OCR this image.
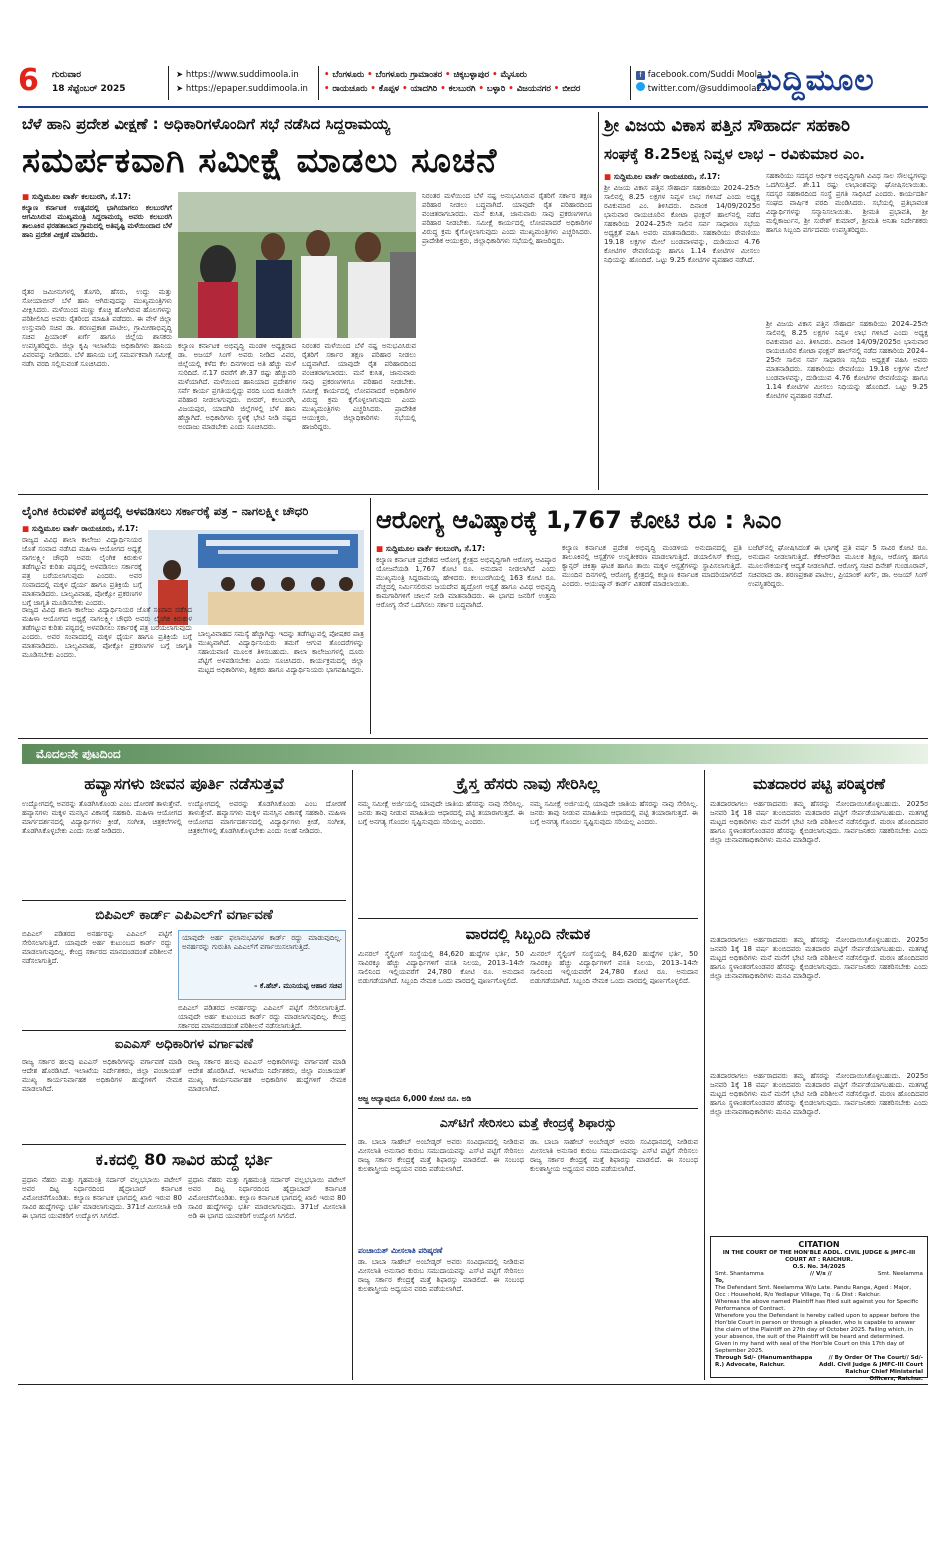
6 ಗುರುವಾರ
18 ಸೆಪ್ಟೆಂಬರ್ 2025
➤ https://www.suddimoola.in
➤ https://epaper.suddimoola.in
• ಬೆಂಗಳೂರು • ಬೆಂಗಳೂರು ಗ್ರಾಮಾಂತರ • ಚಿಕ್ಕಬಳ್ಳಾಪುರ • ಮೈಸೂರು
• ರಾಯಚೂರು • ಕೊಪ್ಪಳ • ಯಾದಗಿರಿ • ಕಲಬುರಗಿ • ಬಳ್ಳಾರಿ • ವಿಜಯನಗರ • ಬೀದರ
f facebook.com/Suddi Moola
twitter.com/@suddimoola22
ಸುದ್ದಿಮೂಲ
ಬೆಳೆ ಹಾನಿ ಪ್ರದೇಶ ವೀಕ್ಷಣೆ : ಅಧಿಕಾರಿಗಳೊಂದಿಗೆ ಸಭೆ ನಡೆಸಿದ ಸಿದ್ದರಾಮಯ್ಯ
ಸಮರ್ಪಕವಾಗಿ ಸಮೀಕ್ಷೆ ಮಾಡಲು ಸೂಚನೆ
■ ಸುದ್ದಿಮೂಲ ವಾರ್ತೆ ಕಲಬುರಗಿ, ಸೆ.17:
ಕಲ್ಯಾಣ ಕರ್ನಾಟಕ ಉತ್ಸವದಲ್ಲಿ ಭಾಗಿಯಾಗಲು ಕಲಬುರಗಿಗೆ ಆಗಮಿಸಿರುವ ಮುಖ್ಯಮಂತ್ರಿ ಸಿದ್ದರಾಮಯ್ಯ ಅವರು ಕಲಬುರಗಿ ತಾಲೂಕಿನ ಫರಹತಾಬಾದ ಗ್ರಾಮದಲ್ಲಿ ಅತಿವೃಷ್ಟಿ ಮಳೆಯಿಂದಾದ ಬೆಳೆ ಹಾನಿ ಪ್ರದೇಶ ವೀಕ್ಷಣೆ ಮಾಡಿದರು.
ರೈತರ ಜಮೀನುಗಳಲ್ಲಿ ತೊಗರಿ, ಹೆಸರು, ಉದ್ದು ಮತ್ತು ಸೋಯಾಬೀನ್ ಬೆಳೆ ಹಾನಿ ಆಗಿರುವುದನ್ನು ಮುಖ್ಯಮಂತ್ರಿಗಳು ವೀಕ್ಷಿಸಿದರು. ಮಳೆಯಿಂದ ಮಣ್ಣು ಕೊಚ್ಚಿ ಹೋಗಿರುವ ಹೊಲಗಳನ್ನು ಪರಿಶೀಲಿಸಿದ ಅವರು ರೈತರಿಂದ ಮಾಹಿತಿ ಪಡೆದರು. ಈ ವೇಳೆ ಜಿಲ್ಲಾ ಉಸ್ತುವಾರಿ ಸಚಿವ ಡಾ. ಶರಣಪ್ರಕಾಶ ಪಾಟೀಲ, ಗ್ರಾಮೀಣಾಭಿವೃದ್ಧಿ ಸಚಿವ ಪ್ರಿಯಾಂಕ್ ಖರ್ಗೆ ಹಾಗೂ ಜಿಲ್ಲೆಯ ಶಾಸಕರು ಉಪಸ್ಥಿತರಿದ್ದರು. ಜಿಲ್ಲಾ ಕೃಷಿ ಇಲಾಖೆಯ ಅಧಿಕಾರಿಗಳು ಹಾನಿಯ ವಿವರವನ್ನು ನೀಡಿದರು. ಬೆಳೆ ಹಾನಿಯ ಬಗ್ಗೆ ಸಮರ್ಪಕವಾಗಿ ಸಮೀಕ್ಷೆ ನಡೆಸಿ ವರದಿ ಸಲ್ಲಿಸುವಂತೆ ಸೂಚಿಸಿದರು.
ಕಲ್ಯಾಣ ಕರ್ನಾಟಕ ಅಭಿವೃದ್ಧಿ ಮಂಡಳಿ ಅಧ್ಯಕ್ಷರಾದ ಡಾ. ಅಜಯ್ ಸಿಂಗ್ ಅವರು ನೀಡಿದ ವಿವರ, ಜಿಲ್ಲೆಯಲ್ಲಿ ಕಳೆದ ಕೆಲ ದಿನಗಳಿಂದ ಅತಿ ಹೆಚ್ಚು ಮಳೆ ಸುರಿದಿದೆ. ಸೆ.17 ರವರೆಗೆ ಶೇ.37 ರಷ್ಟು ಹೆಚ್ಚುವರಿ ಮಳೆಯಾಗಿದೆ. ಮಳೆಯಿಂದ ಹಾನಿಯಾದ ಪ್ರದೇಶಗಳ ಸರ್ವೆ ಕಾರ್ಯ ಪ್ರಗತಿಯಲ್ಲಿದ್ದು ವರದಿ ಬಂದ ಕೂಡಲೇ ಪರಿಹಾರ ನೀಡಲಾಗುವುದು. ಬೀದರ್, ಕಲಬುರಗಿ, ವಿಜಯಪುರ, ಯಾದಗಿರಿ ಜಿಲ್ಲೆಗಳಲ್ಲಿ ಬೆಳೆ ಹಾನಿ ಹೆಚ್ಚಾಗಿದೆ. ಅಧಿಕಾರಿಗಳು ಸ್ಥಳಕ್ಕೆ ಭೇಟಿ ನೀಡಿ ನಷ್ಟದ ಅಂದಾಜು ಮಾಡಬೇಕು ಎಂದು ಸೂಚಿಸಿದರು.
ನಿರಂತರ ಮಳೆಯಿಂದ ಬೆಳೆ ನಷ್ಟ ಅನುಭವಿಸಿರುವ ರೈತರಿಗೆ ಸರ್ಕಾರ ತಕ್ಷಣ ಪರಿಹಾರ ನೀಡಲು ಬದ್ಧವಾಗಿದೆ. ಯಾವುದೇ ರೈತ ಪರಿಹಾರದಿಂದ ವಂಚಿತರಾಗಬಾರದು. ಮನೆ ಕುಸಿತ, ಜಾನುವಾರು ಸಾವು ಪ್ರಕರಣಗಳಿಗೂ ಪರಿಹಾರ ನೀಡಬೇಕು. ಸಮೀಕ್ಷೆ ಕಾರ್ಯದಲ್ಲಿ ಲೋಪವಾದರೆ ಅಧಿಕಾರಿಗಳ ವಿರುದ್ಧ ಕ್ರಮ ಕೈಗೊಳ್ಳಲಾಗುವುದು ಎಂದು ಮುಖ್ಯಮಂತ್ರಿಗಳು ಎಚ್ಚರಿಸಿದರು. ಪ್ರಾದೇಶಿಕ ಆಯುಕ್ತರು, ಜಿಲ್ಲಾಧಿಕಾರಿಗಳು ಸಭೆಯಲ್ಲಿ ಹಾಜರಿದ್ದರು.
ನಿರಂತರ ಮಳೆಯಿಂದ ಬೆಳೆ ನಷ್ಟ ಅನುಭವಿಸಿರುವ ರೈತರಿಗೆ ಸರ್ಕಾರ ತಕ್ಷಣ ಪರಿಹಾರ ನೀಡಲು ಬದ್ಧವಾಗಿದೆ. ಯಾವುದೇ ರೈತ ಪರಿಹಾರದಿಂದ ವಂಚಿತರಾಗಬಾರದು. ಮನೆ ಕುಸಿತ, ಜಾನುವಾರು ಸಾವು ಪ್ರಕರಣಗಳಿಗೂ ಪರಿಹಾರ ನೀಡಬೇಕು. ಸಮೀಕ್ಷೆ ಕಾರ್ಯದಲ್ಲಿ ಲೋಪವಾದರೆ ಅಧಿಕಾರಿಗಳ ವಿರುದ್ಧ ಕ್ರಮ ಕೈಗೊಳ್ಳಲಾಗುವುದು ಎಂದು ಮುಖ್ಯಮಂತ್ರಿಗಳು ಎಚ್ಚರಿಸಿದರು. ಪ್ರಾದೇಶಿಕ ಆಯುಕ್ತರು, ಜಿಲ್ಲಾಧಿಕಾರಿಗಳು ಸಭೆಯಲ್ಲಿ ಹಾಜರಿದ್ದರು.
ಶ್ರೀ ವಿಜಯ ವಿಕಾಸ ಪತ್ತಿನ ಸೌಹಾರ್ದ ಸಹಕಾರಿ
ಸಂಘಕ್ಕೆ 8.25ಲಕ್ಷ ನಿವ್ವಳ ಲಾಭ – ರವಿಕುಮಾರ ಎಂ.
■ ಸುದ್ದಿಮೂಲ ವಾರ್ತೆ ರಾಯಚೂರು, ಸೆ.17:
ಶ್ರೀ ವಿಜಯ ವಿಕಾಸ ಪತ್ತಿನ ಸೌಹಾರ್ದ ಸಹಕಾರಿಯು 2024–25ನೇ ಸಾಲಿನಲ್ಲಿ 8.25 ಲಕ್ಷಗಳ ನಿವ್ವಳ ಲಾಭ ಗಳಿಸಿದೆ ಎಂದು ಅಧ್ಯಕ್ಷ ರವಿಕುಮಾರ ಎಂ. ತಿಳಿಸಿದರು. ದಿನಾಂಕ 14/09/2025ರ ಭಾನುವಾರ ರಾಯಚೂರಿನ ಕೋಟಾ ಫಂಕ್ಷನ್ ಹಾಲ್‌ನಲ್ಲಿ ನಡೆದ ಸಹಕಾರಿಯ 2024–25ನೇ ಸಾಲಿನ ಸರ್ವ ಸಾಧಾರಣ ಸಭೆಯ ಅಧ್ಯಕ್ಷತೆ ವಹಿಸಿ ಅವರು ಮಾತನಾಡಿದರು. ಸಹಕಾರಿಯು ಠೇವಣಿಯು 19.18 ಲಕ್ಷಗಳ ಮೇಲೆ ಬಂಡವಾಳವನ್ನು, ದುಡಿಯುವ 4.76 ಕೋಟಿಗಳ ಠೇವಣಿಯನ್ನು ಹಾಗೂ 1.14 ಕೋಟಿಗಳ ಮೀಸಲು ನಿಧಿಯನ್ನು ಹೊಂದಿದೆ. ಒಟ್ಟು 9.25 ಕೋಟಿಗಳ ವ್ಯವಹಾರ ನಡೆಸಿದೆ.
ಸಹಕಾರಿಯು ಸದಸ್ಯರ ಆರ್ಥಿಕ ಅಭಿವೃದ್ಧಿಗಾಗಿ ವಿವಿಧ ಸಾಲ ಸೌಲಭ್ಯಗಳನ್ನು ಒದಗಿಸುತ್ತಿದೆ. ಶೇ.11 ರಷ್ಟು ಲಾಭಾಂಶವನ್ನು ಘೋಷಿಸಲಾಯಿತು. ಸದಸ್ಯರ ಸಹಕಾರದಿಂದ ಸಂಸ್ಥೆ ಪ್ರಗತಿ ಸಾಧಿಸಿದೆ ಎಂದರು. ಕಾರ್ಯದರ್ಶಿ ಸಂಘದ ವಾರ್ಷಿಕ ವರದಿ ಮಂಡಿಸಿದರು. ಸಭೆಯಲ್ಲಿ ಪ್ರತಿಭಾವಂತ ವಿದ್ಯಾರ್ಥಿಗಳನ್ನು ಸನ್ಮಾನಿಸಲಾಯಿತು. ಶ್ರೀಮತಿ ಪ್ರಭಾವತಿ, ಶ್ರೀ ಮಲ್ಲಿಕಾರ್ಜುನ, ಶ್ರೀ ಸುರೇಶ್ ಕುಮಾರ್, ಶ್ರೀಮತಿ ಅನಿತಾ ನಿರ್ದೇಶಕರು ಹಾಗೂ ಸಿಬ್ಬಂದಿ ವರ್ಗದವರು ಉಪಸ್ಥಿತರಿದ್ದರು.
ಶ್ರೀ ವಿಜಯ ವಿಕಾಸ ಪತ್ತಿನ ಸೌಹಾರ್ದ ಸಹಕಾರಿಯು 2024–25ನೇ ಸಾಲಿನಲ್ಲಿ 8.25 ಲಕ್ಷಗಳ ನಿವ್ವಳ ಲಾಭ ಗಳಿಸಿದೆ ಎಂದು ಅಧ್ಯಕ್ಷ ರವಿಕುಮಾರ ಎಂ. ತಿಳಿಸಿದರು. ದಿನಾಂಕ 14/09/2025ರ ಭಾನುವಾರ ರಾಯಚೂರಿನ ಕೋಟಾ ಫಂಕ್ಷನ್ ಹಾಲ್‌ನಲ್ಲಿ ನಡೆದ ಸಹಕಾರಿಯ 2024–25ನೇ ಸಾಲಿನ ಸರ್ವ ಸಾಧಾರಣ ಸಭೆಯ ಅಧ್ಯಕ್ಷತೆ ವಹಿಸಿ ಅವರು ಮಾತನಾಡಿದರು. ಸಹಕಾರಿಯು ಠೇವಣಿಯು 19.18 ಲಕ್ಷಗಳ ಮೇಲೆ ಬಂಡವಾಳವನ್ನು, ದುಡಿಯುವ 4.76 ಕೋಟಿಗಳ ಠೇವಣಿಯನ್ನು ಹಾಗೂ 1.14 ಕೋಟಿಗಳ ಮೀಸಲು ನಿಧಿಯನ್ನು ಹೊಂದಿದೆ. ಒಟ್ಟು 9.25 ಕೋಟಿಗಳ ವ್ಯವಹಾರ ನಡೆಸಿದೆ.
ಲೈಂಗಿಕ ಕಿರುವಳಿಕೆ ಪಠ್ಯದಲ್ಲಿ ಅಳವಡಿಸಲು ಸರ್ಕಾರಕ್ಕೆ ಪತ್ರ – ನಾಗಲಕ್ಷ್ಮೀ ಚೌಧರಿ
■ ಸುದ್ದಿಮೂಲ ವಾರ್ತೆ ರಾಯಚೂರು, ಸೆ.17:
ರಾಜ್ಯದ ವಿವಿಧ ಶಾಲಾ ಕಾಲೇಜು ವಿದ್ಯಾರ್ಥಿನಿಯರ ಜೊತೆ ಸಂವಾದ ನಡೆಸಿದ ಮಹಿಳಾ ಆಯೋಗದ ಅಧ್ಯಕ್ಷೆ ನಾಗಲಕ್ಷ್ಮೀ ಚೌಧರಿ ಅವರು ಲೈಂಗಿಕ ಕಿರುಕುಳ ತಡೆಗಟ್ಟುವ ಕುರಿತು ಪಠ್ಯದಲ್ಲಿ ಅಳವಡಿಸಲು ಸರ್ಕಾರಕ್ಕೆ ಪತ್ರ ಬರೆಯಲಾಗುವುದು ಎಂದರು. ಅವರ ಸಂವಾದದಲ್ಲಿ ಮಕ್ಕಳ ಧೈರ್ಯ ಹಾಗೂ ಪ್ರತಿಕ್ರಿಯೆ ಬಗ್ಗೆ ಮಾತನಾಡಿದರು. ಬಾಲ್ಯವಿವಾಹ, ಪೋಕ್ಸೋ ಪ್ರಕರಣಗಳ ಬಗ್ಗೆ ಜಾಗೃತಿ ಮೂಡಿಸಬೇಕು ಎಂದರು.
ರಾಜ್ಯದ ವಿವಿಧ ಶಾಲಾ ಕಾಲೇಜು ವಿದ್ಯಾರ್ಥಿನಿಯರ ಜೊತೆ ಸಂವಾದ ನಡೆಸಿದ ಮಹಿಳಾ ಆಯೋಗದ ಅಧ್ಯಕ್ಷೆ ನಾಗಲಕ್ಷ್ಮೀ ಚೌಧರಿ ಅವರು ಲೈಂಗಿಕ ಕಿರುಕುಳ ತಡೆಗಟ್ಟುವ ಕುರಿತು ಪಠ್ಯದಲ್ಲಿ ಅಳವಡಿಸಲು ಸರ್ಕಾರಕ್ಕೆ ಪತ್ರ ಬರೆಯಲಾಗುವುದು ಎಂದರು. ಅವರ ಸಂವಾದದಲ್ಲಿ ಮಕ್ಕಳ ಧೈರ್ಯ ಹಾಗೂ ಪ್ರತಿಕ್ರಿಯೆ ಬಗ್ಗೆ ಮಾತನಾಡಿದರು. ಬಾಲ್ಯವಿವಾಹ, ಪೋಕ್ಸೋ ಪ್ರಕರಣಗಳ ಬಗ್ಗೆ ಜಾಗೃತಿ ಮೂಡಿಸಬೇಕು ಎಂದರು.
ಬಾಲ್ಯವಿವಾಹದ ಸಮಸ್ಯೆ ಹೆಚ್ಚಾಗಿದ್ದು ಇದನ್ನು ತಡೆಗಟ್ಟುವಲ್ಲಿ ಪೋಷಕರ ಪಾತ್ರ ಮುಖ್ಯವಾಗಿದೆ. ವಿದ್ಯಾರ್ಥಿನಿಯರು ತಮಗೆ ಆಗುವ ತೊಂದರೆಗಳನ್ನು ಸಹಾಯವಾಣಿ ಮೂಲಕ ತಿಳಿಸಬಹುದು. ಶಾಲಾ ಕಾಲೇಜುಗಳಲ್ಲಿ ದೂರು ಪೆಟ್ಟಿಗೆ ಅಳವಡಿಸಬೇಕು ಎಂದು ಸೂಚಿಸಿದರು. ಕಾರ್ಯಕ್ರಮದಲ್ಲಿ ಜಿಲ್ಲಾ ಮಟ್ಟದ ಅಧಿಕಾರಿಗಳು, ಶಿಕ್ಷಕರು ಹಾಗೂ ವಿದ್ಯಾರ್ಥಿನಿಯರು ಭಾಗವಹಿಸಿದ್ದರು.
ಆರೋಗ್ಯ ಆವಿಷ್ಕಾರಕ್ಕೆ 1,767 ಕೋಟಿ ರೂ : ಸಿಎಂ
■ ಸುದ್ದಿಮೂಲ ವಾರ್ತೆ ಕಲಬುರಗಿ, ಸೆ.17:
ಕಲ್ಯಾಣ ಕರ್ನಾಟಕ ಪ್ರದೇಶದ ಆರೋಗ್ಯ ಕ್ಷೇತ್ರದ ಅಭಿವೃದ್ಧಿಗಾಗಿ ಆರೋಗ್ಯ ಆವಿಷ್ಕಾರ ಯೋಜನೆಯಡಿ 1,767 ಕೋಟಿ ರೂ. ಅನುದಾನ ನೀಡಲಾಗಿದೆ ಎಂದು ಮುಖ್ಯಮಂತ್ರಿ ಸಿದ್ದರಾಮಯ್ಯ ಹೇಳಿದರು. ಕಲಬುರಗಿಯಲ್ಲಿ 163 ಕೋಟಿ ರೂ. ವೆಚ್ಚದಲ್ಲಿ ನಿರ್ಮಿಸಲಿರುವ ಜಯದೇವ ಹೃದ್ರೋಗ ಆಸ್ಪತ್ರೆ ಹಾಗೂ ವಿವಿಧ ಅಭಿವೃದ್ಧಿ ಕಾಮಗಾರಿಗಳಿಗೆ ಚಾಲನೆ ನೀಡಿ ಮಾತನಾಡಿದರು. ಈ ಭಾಗದ ಜನರಿಗೆ ಉತ್ತಮ ಆರೋಗ್ಯ ಸೇವೆ ಒದಗಿಸಲು ಸರ್ಕಾರ ಬದ್ಧವಾಗಿದೆ.
ಕಲ್ಯಾಣ ಕರ್ನಾಟಕ ಪ್ರದೇಶ ಅಭಿವೃದ್ಧಿ ಮಂಡಳಿಯ ಅನುದಾನದಲ್ಲಿ ಪ್ರತಿ ತಾಲೂಕಿನಲ್ಲಿ ಆಸ್ಪತ್ರೆಗಳ ಉನ್ನತೀಕರಣ ಮಾಡಲಾಗುತ್ತಿದೆ. ಡಯಾಲಿಸಿಸ್ ಕೇಂದ್ರ, ಕ್ಯಾನ್ಸರ್ ಚಿಕಿತ್ಸಾ ಘಟಕ ಹಾಗೂ ತಾಯಿ ಮಕ್ಕಳ ಆಸ್ಪತ್ರೆಗಳನ್ನು ಸ್ಥಾಪಿಸಲಾಗುತ್ತಿದೆ. ಮುಂದಿನ ದಿನಗಳಲ್ಲಿ ಆರೋಗ್ಯ ಕ್ಷೇತ್ರದಲ್ಲಿ ಕಲ್ಯಾಣ ಕರ್ನಾಟಕ ಮಾದರಿಯಾಗಲಿದೆ ಎಂದರು. ಆಯುಷ್ಮಾನ್ ಕಾರ್ಡ್ ವಿತರಣೆ ಮಾಡಲಾಯಿತು.
ಬಜೆಟ್‌ನಲ್ಲಿ ಘೋಷಿಸಿದಂತೆ ಈ ಭಾಗಕ್ಕೆ ಪ್ರತಿ ವರ್ಷ 5 ಸಾವಿರ ಕೋಟಿ ರೂ. ಅನುದಾನ ನೀಡಲಾಗುತ್ತಿದೆ. ಕೆಕೆಆರ್‌ಡಿಬಿ ಮೂಲಕ ಶಿಕ್ಷಣ, ಆರೋಗ್ಯ ಹಾಗೂ ಮೂಲಸೌಕರ್ಯಕ್ಕೆ ಆದ್ಯತೆ ನೀಡಲಾಗಿದೆ. ಆರೋಗ್ಯ ಸಚಿವ ದಿನೇಶ್ ಗುಂಡೂರಾವ್, ಸಚಿವರಾದ ಡಾ. ಶರಣಪ್ರಕಾಶ ಪಾಟೀಲ, ಪ್ರಿಯಾಂಕ್ ಖರ್ಗೆ, ಡಾ. ಅಜಯ್ ಸಿಂಗ್ ಉಪಸ್ಥಿತರಿದ್ದರು.
ಮೊದಲನೇ ಪುಟದಿಂದ
ಹವ್ಯಾಸಗಳು ಜೀವನ ಪೂರ್ತಿ ನಡೆಸುತ್ತವೆ
ಉದ್ಯೋಗದಲ್ಲಿ ಅವರನ್ನು ತೊಡಗಿಸಿಕೊಂಡು ಎಂಬ ದೋರಣೆ ತಾಳುತ್ತೇವೆ. ಹವ್ಯಾಸಗಳು ಮಕ್ಕಳ ಮನಸ್ಸಿನ ವಿಕಾಸಕ್ಕೆ ಸಹಕಾರಿ. ಮಹಿಳಾ ಆಯೋಗದ ಮಾರ್ಗದರ್ಶನದಲ್ಲಿ ವಿದ್ಯಾರ್ಥಿಗಳು ಕ್ರೀಡೆ, ಸಂಗೀತ, ಚಿತ್ರಕಲೆಗಳಲ್ಲಿ ತೊಡಗಿಸಿಕೊಳ್ಳಬೇಕು ಎಂದು ಸಲಹೆ ನೀಡಿದರು.
ಉದ್ಯೋಗದಲ್ಲಿ ಅವರನ್ನು ತೊಡಗಿಸಿಕೊಂಡು ಎಂಬ ದೋರಣೆ ತಾಳುತ್ತೇವೆ. ಹವ್ಯಾಸಗಳು ಮಕ್ಕಳ ಮನಸ್ಸಿನ ವಿಕಾಸಕ್ಕೆ ಸಹಕಾರಿ. ಮಹಿಳಾ ಆಯೋಗದ ಮಾರ್ಗದರ್ಶನದಲ್ಲಿ ವಿದ್ಯಾರ್ಥಿಗಳು ಕ್ರೀಡೆ, ಸಂಗೀತ, ಚಿತ್ರಕಲೆಗಳಲ್ಲಿ ತೊಡಗಿಸಿಕೊಳ್ಳಬೇಕು ಎಂದು ಸಲಹೆ ನೀಡಿದರು.
ಬಿಪಿಎಲ್ ಕಾರ್ಡ್ ಎಪಿಎಲ್‌ಗೆ ವರ್ಗಾವಣೆ
ಬಿಪಿಎಲ್ ಪಡಿತರದ ಅನರ್ಹರನ್ನು ಎಪಿಎಲ್ ಪಟ್ಟಿಗೆ ಸೇರಿಸಲಾಗುತ್ತಿದೆ. ಯಾವುದೇ ಅರ್ಹ ಕುಟುಂಬದ ಕಾರ್ಡ್ ರದ್ದು ಮಾಡಲಾಗುವುದಿಲ್ಲ. ಕೇಂದ್ರ ಸರ್ಕಾರದ ಮಾನದಂಡದಂತೆ ಪರಿಶೀಲನೆ ನಡೆಸಲಾಗುತ್ತಿದೆ.
ಯಾವುದೇ ಅರ್ಹ ಫಲಾನುಭವಿಗಳ ಕಾರ್ಡ್ ರದ್ದು ಮಾಡುವುದಿಲ್ಲ. ಅನರ್ಹರನ್ನು ಗುರುತಿಸಿ ಎಪಿಎಲ್‌ಗೆ ವರ್ಗಾಯಿಸಲಾಗುತ್ತಿದೆ.
– ಕೆ.ಹೆಚ್. ಮುನಿಯಪ್ಪ ಆಹಾರ ಸಚಿವ
ಬಿಪಿಎಲ್ ಪಡಿತರದ ಅನರ್ಹರನ್ನು ಎಪಿಎಲ್ ಪಟ್ಟಿಗೆ ಸೇರಿಸಲಾಗುತ್ತಿದೆ. ಯಾವುದೇ ಅರ್ಹ ಕುಟುಂಬದ ಕಾರ್ಡ್ ರದ್ದು ಮಾಡಲಾಗುವುದಿಲ್ಲ. ಕೇಂದ್ರ ಸರ್ಕಾರದ ಮಾನದಂಡದಂತೆ ಪರಿಶೀಲನೆ ನಡೆಸಲಾಗುತ್ತಿದೆ.
ಐಎಎಸ್ ಅಧಿಕಾರಿಗಳ ವರ್ಗಾವಣೆ
ರಾಜ್ಯ ಸರ್ಕಾರ ಹಲವು ಐಎಎಸ್ ಅಧಿಕಾರಿಗಳನ್ನು ವರ್ಗಾವಣೆ ಮಾಡಿ ಆದೇಶ ಹೊರಡಿಸಿದೆ. ಇಲಾಖೆಯ ನಿರ್ದೇಶಕರು, ಜಿಲ್ಲಾ ಪಂಚಾಯತ್ ಮುಖ್ಯ ಕಾರ್ಯನಿರ್ವಾಹಕ ಅಧಿಕಾರಿಗಳ ಹುದ್ದೆಗಳಿಗೆ ನೇಮಕ ಮಾಡಲಾಗಿದೆ.
ರಾಜ್ಯ ಸರ್ಕಾರ ಹಲವು ಐಎಎಸ್ ಅಧಿಕಾರಿಗಳನ್ನು ವರ್ಗಾವಣೆ ಮಾಡಿ ಆದೇಶ ಹೊರಡಿಸಿದೆ. ಇಲಾಖೆಯ ನಿರ್ದೇಶಕರು, ಜಿಲ್ಲಾ ಪಂಚಾಯತ್ ಮುಖ್ಯ ಕಾರ್ಯನಿರ್ವಾಹಕ ಅಧಿಕಾರಿಗಳ ಹುದ್ದೆಗಳಿಗೆ ನೇಮಕ ಮಾಡಲಾಗಿದೆ.
ಕ.ಕದಲ್ಲಿ 80 ಸಾವಿರ ಹುದ್ದೆ ಭರ್ತಿ
ಪ್ರಧಾನಿ ನೆಹರು ಮತ್ತು ಗೃಹಮಂತ್ರಿ ಸರ್ದಾರ್ ವಲ್ಲಭಭಾಯಿ ಪಟೇಲ್ ಅವರ ದಿಟ್ಟ ನಿರ್ಧಾರದಿಂದ ಹೈದ್ರಾಬಾದ್ ಕರ್ನಾಟಕ ವಿಮೋಚನೆಗೊಂಡಿತು. ಕಲ್ಯಾಣ ಕರ್ನಾಟಕ ಭಾಗದಲ್ಲಿ ಖಾಲಿ ಇರುವ 80 ಸಾವಿರ ಹುದ್ದೆಗಳನ್ನು ಭರ್ತಿ ಮಾಡಲಾಗುವುದು. 371ಜೆ ಮೀಸಲಾತಿ ಅಡಿ ಈ ಭಾಗದ ಯುವಕರಿಗೆ ಉದ್ಯೋಗ ಸಿಗಲಿದೆ.
ಪ್ರಧಾನಿ ನೆಹರು ಮತ್ತು ಗೃಹಮಂತ್ರಿ ಸರ್ದಾರ್ ವಲ್ಲಭಭಾಯಿ ಪಟೇಲ್ ಅವರ ದಿಟ್ಟ ನಿರ್ಧಾರದಿಂದ ಹೈದ್ರಾಬಾದ್ ಕರ್ನಾಟಕ ವಿಮೋಚನೆಗೊಂಡಿತು. ಕಲ್ಯಾಣ ಕರ್ನಾಟಕ ಭಾಗದಲ್ಲಿ ಖಾಲಿ ಇರುವ 80 ಸಾವಿರ ಹುದ್ದೆಗಳನ್ನು ಭರ್ತಿ ಮಾಡಲಾಗುವುದು. 371ಜೆ ಮೀಸಲಾತಿ ಅಡಿ ಈ ಭಾಗದ ಯುವಕರಿಗೆ ಉದ್ಯೋಗ ಸಿಗಲಿದೆ.
ಕ್ರೈಸ್ತ ಹೆಸರು ನಾವು ಸೇರಿಸಿಲ್ಲ
ನಮ್ಮ ಸಮೀಕ್ಷೆ ಅರ್ಜಿಯಲ್ಲಿ ಯಾವುದೇ ಜಾತಿಯ ಹೆಸರನ್ನು ನಾವು ಸೇರಿಸಿಲ್ಲ. ಜನರು ತಾವು ನೀಡುವ ಮಾಹಿತಿಯ ಆಧಾರದಲ್ಲಿ ಪಟ್ಟಿ ತಯಾರಾಗುತ್ತದೆ. ಈ ಬಗ್ಗೆ ಅನಗತ್ಯ ಗೊಂದಲ ಸೃಷ್ಟಿಸುವುದು ಸರಿಯಲ್ಲ ಎಂದರು.
ನಮ್ಮ ಸಮೀಕ್ಷೆ ಅರ್ಜಿಯಲ್ಲಿ ಯಾವುದೇ ಜಾತಿಯ ಹೆಸರನ್ನು ನಾವು ಸೇರಿಸಿಲ್ಲ. ಜನರು ತಾವು ನೀಡುವ ಮಾಹಿತಿಯ ಆಧಾರದಲ್ಲಿ ಪಟ್ಟಿ ತಯಾರಾಗುತ್ತದೆ. ಈ ಬಗ್ಗೆ ಅನಗತ್ಯ ಗೊಂದಲ ಸೃಷ್ಟಿಸುವುದು ಸರಿಯಲ್ಲ ಎಂದರು.
ವಾರದಲ್ಲಿ ಸಿಬ್ಬಂದಿ ನೇಮಕ
ಮಿನರಲ್ ಸ್ಮೆಲ್ಟಿಂಗ್ ಸಂಸ್ಥೆಯಲ್ಲಿ 84,620 ಹುದ್ದೆಗಳ ಭರ್ತಿ, 50 ಸಾವಿರಕ್ಕೂ ಹೆಚ್ಚು ವಿದ್ಯಾರ್ಥಿಗಳಿಗೆ ವಸತಿ ನಿಲಯ, 2013–14ನೇ ಸಾಲಿನಿಂದ ಇಲ್ಲಿಯವರೆಗೆ 24,780 ಕೋಟಿ ರೂ. ಅನುದಾನ ಬಿಡುಗಡೆಯಾಗಿದೆ. ಸಿಬ್ಬಂದಿ ನೇಮಕ ಒಂದು ವಾರದಲ್ಲಿ ಪೂರ್ಣಗೊಳ್ಳಲಿದೆ.
ಮಿನರಲ್ ಸ್ಮೆಲ್ಟಿಂಗ್ ಸಂಸ್ಥೆಯಲ್ಲಿ 84,620 ಹುದ್ದೆಗಳ ಭರ್ತಿ, 50 ಸಾವಿರಕ್ಕೂ ಹೆಚ್ಚು ವಿದ್ಯಾರ್ಥಿಗಳಿಗೆ ವಸತಿ ನಿಲಯ, 2013–14ನೇ ಸಾಲಿನಿಂದ ಇಲ್ಲಿಯವರೆಗೆ 24,780 ಕೋಟಿ ರೂ. ಅನುದಾನ ಬಿಡುಗಡೆಯಾಗಿದೆ. ಸಿಬ್ಬಂದಿ ನೇಮಕ ಒಂದು ವಾರದಲ್ಲಿ ಪೂರ್ಣಗೊಳ್ಳಲಿದೆ.
ಅಜ್ಜ ಆದ್ಯಾವುದೂ 6,000 ಕೋಟಿ ರೂ. ಅಡಿ
ಎಸ್‌ಟಿಗೆ ಸೇರಿಸಲು ಮತ್ತೆ ಕೇಂದ್ರಕ್ಕೆ ಶಿಫಾರಸ್ಸು
ಡಾ. ಬಾಬಾ ಸಾಹೇಬ್ ಅಂಬೇಡ್ಕರ್ ಅವರು ಸಂವಿಧಾನದಲ್ಲಿ ನೀಡಿರುವ ಮೀಸಲಾತಿ ಅನುಸಾರ ಕುರುಬ ಸಮುದಾಯವನ್ನು ಎಸ್‌ಟಿ ಪಟ್ಟಿಗೆ ಸೇರಿಸಲು ರಾಜ್ಯ ಸರ್ಕಾರ ಕೇಂದ್ರಕ್ಕೆ ಮತ್ತೆ ಶಿಫಾರಸ್ಸು ಮಾಡಲಿದೆ. ಈ ಸಂಬಂಧ ಕುಲಶಾಸ್ತ್ರೀಯ ಅಧ್ಯಯನ ವರದಿ ಪಡೆಯಲಾಗಿದೆ.
ಪಂಚಾಯತ್ ಮೀಸಲಾತಿ ಪರಿಷ್ಕರಣೆ
ಡಾ. ಬಾಬಾ ಸಾಹೇಬ್ ಅಂಬೇಡ್ಕರ್ ಅವರು ಸಂವಿಧಾನದಲ್ಲಿ ನೀಡಿರುವ ಮೀಸಲಾತಿ ಅನುಸಾರ ಕುರುಬ ಸಮುದಾಯವನ್ನು ಎಸ್‌ಟಿ ಪಟ್ಟಿಗೆ ಸೇರಿಸಲು ರಾಜ್ಯ ಸರ್ಕಾರ ಕೇಂದ್ರಕ್ಕೆ ಮತ್ತೆ ಶಿಫಾರಸ್ಸು ಮಾಡಲಿದೆ. ಈ ಸಂಬಂಧ ಕುಲಶಾಸ್ತ್ರೀಯ ಅಧ್ಯಯನ ವರದಿ ಪಡೆಯಲಾಗಿದೆ.
ಡಾ. ಬಾಬಾ ಸಾಹೇಬ್ ಅಂಬೇಡ್ಕರ್ ಅವರು ಸಂವಿಧಾನದಲ್ಲಿ ನೀಡಿರುವ ಮೀಸಲಾತಿ ಅನುಸಾರ ಕುರುಬ ಸಮುದಾಯವನ್ನು ಎಸ್‌ಟಿ ಪಟ್ಟಿಗೆ ಸೇರಿಸಲು ರಾಜ್ಯ ಸರ್ಕಾರ ಕೇಂದ್ರಕ್ಕೆ ಮತ್ತೆ ಶಿಫಾರಸ್ಸು ಮಾಡಲಿದೆ. ಈ ಸಂಬಂಧ ಕುಲಶಾಸ್ತ್ರೀಯ ಅಧ್ಯಯನ ವರದಿ ಪಡೆಯಲಾಗಿದೆ.
ಮತದಾರರ ಪಟ್ಟಿ ಪರಿಷ್ಕರಣೆ
ಮತದಾರರಾಗಲು ಅರ್ಹರಾದವರು ತಮ್ಮ ಹೆಸರನ್ನು ನೋಂದಾಯಿಸಿಕೊಳ್ಳಬಹುದು. 2025ರ ಜನವರಿ 1ಕ್ಕೆ 18 ವರ್ಷ ತುಂಬಿದವರು ಮತದಾರರ ಪಟ್ಟಿಗೆ ಸೇರ್ಪಡೆಯಾಗಬಹುದು. ಮತಗಟ್ಟೆ ಮಟ್ಟದ ಅಧಿಕಾರಿಗಳು ಮನೆ ಮನೆಗೆ ಭೇಟಿ ನೀಡಿ ಪರಿಶೀಲನೆ ನಡೆಸಲಿದ್ದಾರೆ. ಮರಣ ಹೊಂದಿದವರ ಹಾಗೂ ಸ್ಥಳಾಂತರಗೊಂಡವರ ಹೆಸರನ್ನು ಕೈಬಿಡಲಾಗುವುದು. ಸಾರ್ವಜನಿಕರು ಸಹಕರಿಸಬೇಕು ಎಂದು ಜಿಲ್ಲಾ ಚುನಾವಣಾಧಿಕಾರಿಗಳು ಮನವಿ ಮಾಡಿದ್ದಾರೆ.
ಮತದಾರರಾಗಲು ಅರ್ಹರಾದವರು ತಮ್ಮ ಹೆಸರನ್ನು ನೋಂದಾಯಿಸಿಕೊಳ್ಳಬಹುದು. 2025ರ ಜನವರಿ 1ಕ್ಕೆ 18 ವರ್ಷ ತುಂಬಿದವರು ಮತದಾರರ ಪಟ್ಟಿಗೆ ಸೇರ್ಪಡೆಯಾಗಬಹುದು. ಮತಗಟ್ಟೆ ಮಟ್ಟದ ಅಧಿಕಾರಿಗಳು ಮನೆ ಮನೆಗೆ ಭೇಟಿ ನೀಡಿ ಪರಿಶೀಲನೆ ನಡೆಸಲಿದ್ದಾರೆ. ಮರಣ ಹೊಂದಿದವರ ಹಾಗೂ ಸ್ಥಳಾಂತರಗೊಂಡವರ ಹೆಸರನ್ನು ಕೈಬಿಡಲಾಗುವುದು. ಸಾರ್ವಜನಿಕರು ಸಹಕರಿಸಬೇಕು ಎಂದು ಜಿಲ್ಲಾ ಚುನಾವಣಾಧಿಕಾರಿಗಳು ಮನವಿ ಮಾಡಿದ್ದಾರೆ.
ಮತದಾರರಾಗಲು ಅರ್ಹರಾದವರು ತಮ್ಮ ಹೆಸರನ್ನು ನೋಂದಾಯಿಸಿಕೊಳ್ಳಬಹುದು. 2025ರ ಜನವರಿ 1ಕ್ಕೆ 18 ವರ್ಷ ತುಂಬಿದವರು ಮತದಾರರ ಪಟ್ಟಿಗೆ ಸೇರ್ಪಡೆಯಾಗಬಹುದು. ಮತಗಟ್ಟೆ ಮಟ್ಟದ ಅಧಿಕಾರಿಗಳು ಮನೆ ಮನೆಗೆ ಭೇಟಿ ನೀಡಿ ಪರಿಶೀಲನೆ ನಡೆಸಲಿದ್ದಾರೆ. ಮರಣ ಹೊಂದಿದವರ ಹಾಗೂ ಸ್ಥಳಾಂತರಗೊಂಡವರ ಹೆಸರನ್ನು ಕೈಬಿಡಲಾಗುವುದು. ಸಾರ್ವಜನಿಕರು ಸಹಕರಿಸಬೇಕು ಎಂದು ಜಿಲ್ಲಾ ಚುನಾವಣಾಧಿಕಾರಿಗಳು ಮನವಿ ಮಾಡಿದ್ದಾರೆ.
CITATION
IN THE COURT OF THE HON'BLE ADDL. CIVIL JUDGE & JMFC-III COURT AT : RAICHUR.
O.S. No. 34/2025
Smt. Shantamma	// V/s //	Smt. Neelamma
To,
The Defendant Smt. Neelamma W/o Late. Pandu Ranga, Aged : Major, Occ : Household, R/o Yedlapur Village, Tq : & Dist : Raichur.
Whereas the above named Plaintiff has filed suit against you for Specific Performance of Contract.
Wherefore you the Defendant is hereby called upon to appear before the Hon'ble Court in person or through a pleader, who is capable to answer the claim of the Plaintiff on 27th day of October 2025. Failing which, in your absence, the suit of the Plaintiff will be heard and determined.
Given in my hand with seal of the Hon'ble Court on this 17th day of September 2025.
Through Sd/- (Hanumanthappa R.) Advocate, Raichur.
// By Order Of The Court// Sd/- Addl. Civil Judge & JMFC-III Court Raichur Chief Ministerial Officers, Raichur.
